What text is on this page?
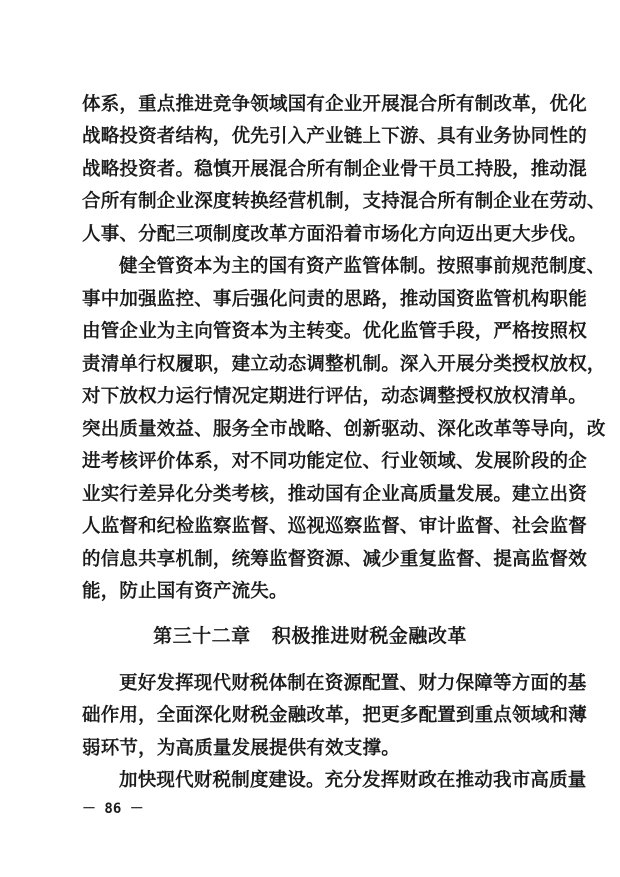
体系，重点推进竞争领域国有企业开展混合所有制改革，优化
战略投资者结构，优先引入产业链上下游、具有业务协同性的
战略投资者。稳慎开展混合所有制企业骨干员工持股，推动混
合所有制企业深度转换经营机制，支持混合所有制企业在劳动、
人事、分配三项制度改革方面沿着市场化方向迈出更大步伐。
健全管资本为主的国有资产监管体制。按照事前规范制度、
事中加强监控、事后强化问责的思路，推动国资监管机构职能
由管企业为主向管资本为主转变。优化监管手段，严格按照权
责清单行权履职，建立动态调整机制。深入开展分类授权放权，
对下放权力运行情况定期进行评估，动态调整授权放权清单。
突出质量效益、服务全市战略、创新驱动、深化改革等导向，改
进考核评价体系，对不同功能定位、行业领域、发展阶段的企
业实行差异化分类考核，推动国有企业高质量发展。建立出资
人监督和纪检监察监督、巡视巡察监督、审计监督、社会监督
的信息共享机制，统筹监督资源、减少重复监督、提高监督效
能，防止国有资产流失。
第三十二章   积极推进财税金融改革
更好发挥现代财税体制在资源配置、财力保障等方面的基
础作用，全面深化财税金融改革，把更多配置到重点领域和薄
弱环节，为高质量发展提供有效支撑。
加快现代财税制度建设。充分发挥财政在推动我市高质量
－ 86 －
